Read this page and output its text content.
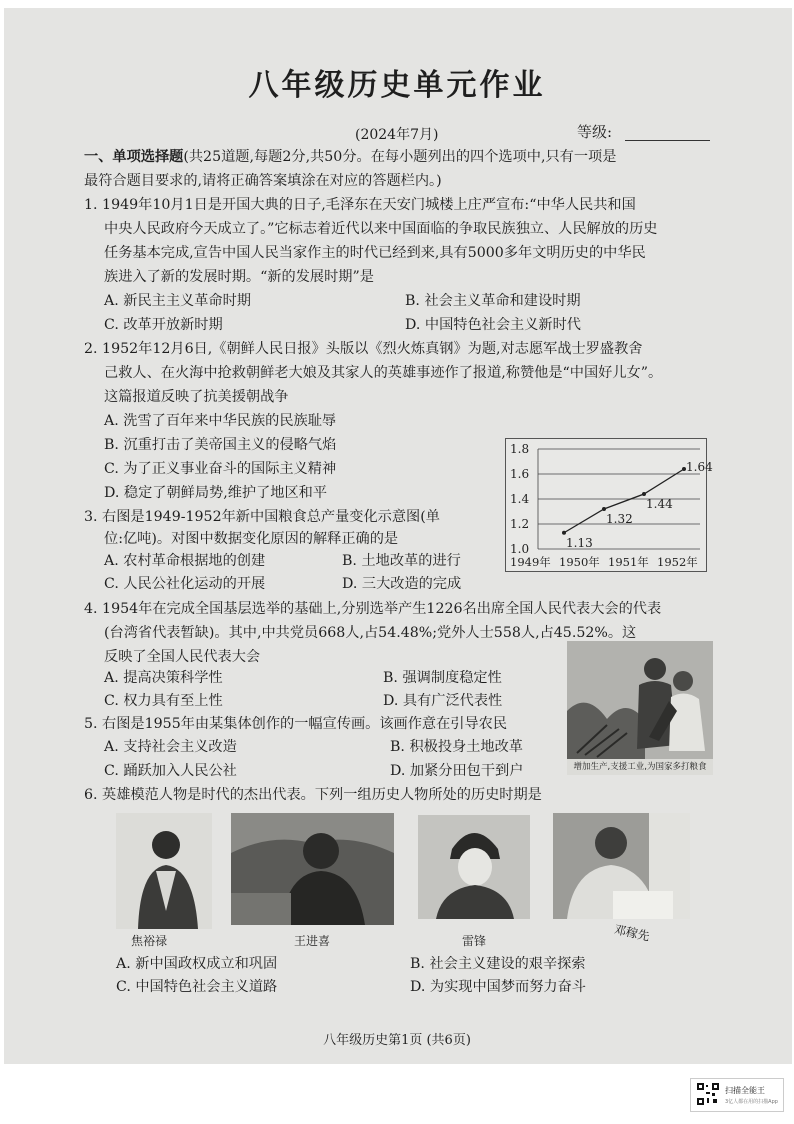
八年级历史单元作业
(2024年7月)	等级:
一、单项选择题(共25道题,每题2分,共50分。在每小题列出的四个选项中,只有一项是
最符合题目要求的,请将正确答案填涂在对应的答题栏内。)
1. 1949年10月1日是开国大典的日子,毛泽东在天安门城楼上庄严宣布:“中华人民共和国
中央人民政府今天成立了。”它标志着近代以来中国面临的争取民族独立、人民解放的历史
任务基本完成,宣告中国人民当家作主的时代已经到来,具有5000多年文明历史的中华民
族进入了新的发展时期。“新的发展时期”是
A. 新民主主义革命时期	B. 社会主义革命和建设时期
C. 改革开放新时期	D. 中国特色社会主义新时代
2. 1952年12月6日,《朝鲜人民日报》头版以《烈火炼真钢》为题,对志愿军战士罗盛教舍
己救人、在火海中抢救朝鲜老大娘及其家人的英雄事迹作了报道,称赞他是“中国好儿女”。
这篇报道反映了抗美援朝战争
A. 洗雪了百年来中华民族的民族耻辱
B. 沉重打击了美帝国主义的侵略气焰
C. 为了正义事业奋斗的国际主义精神
D. 稳定了朝鲜局势,维护了地区和平
3. 右图是1949-1952年新中国粮食总产量变化示意图(单
位:亿吨)。对图中数据变化原因的解释正确的是
A. 农村革命根据地的创建	B. 土地改革的进行
C. 人民公社化运动的开展	D. 三大改造的完成
1.0
1.2
1.4
1.6
1.8
1.13
1.32
1.44
1.64
1949年 1950年 1951年 1952年
4. 1954年在完成全国基层选举的基础上,分别选举产生1226名出席全国人民代表大会的代表
(台湾省代表暂缺)。其中,中共党员668人,占54.48%;党外人士558人,占45.52%。这
反映了全国人民代表大会
A. 提高决策科学性	B. 强调制度稳定性
C. 权力具有至上性	D. 具有广泛代表性
5. 右图是1955年由某集体创作的一幅宣传画。该画作意在引导农民
A. 支持社会主义改造	B. 积极投身土地改革
C. 踊跃加入人民公社	D. 加紧分田包干到户	增加生产,支援工业,为国家多打粮食
6. 英雄模范人物是时代的杰出代表。下列一组历史人物所处的历史时期是
焦裕禄	王进喜	雷锋	邓稼先
A. 新中国政权成立和巩固	B. 社会主义建设的艰辛探索
C. 中国特色社会主义道路	D. 为实现中国梦而努力奋斗
八年级历史第1页 (共6页)
扫描全能王
3亿人都在用的扫描App
